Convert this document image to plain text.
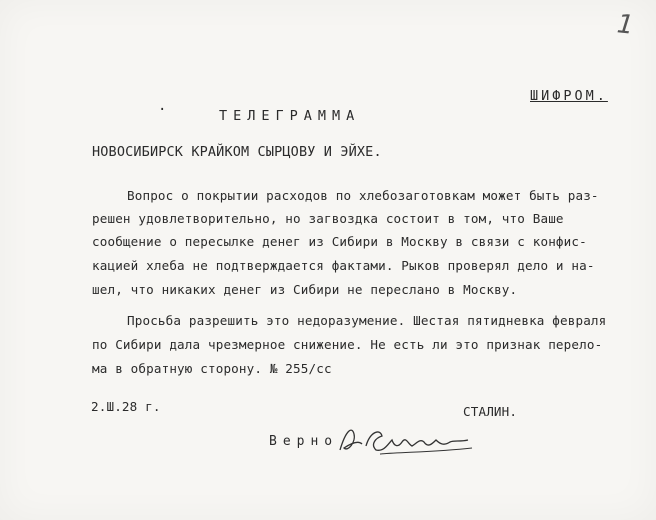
1
ШИФРОМ.
·	ТЕЛЕГРАММА
НОВОСИБИРСК КРАЙКОМ СЫРЦОВУ И ЭЙХЕ.
Вопрос о покрытии расходов по хлебозаготовкам может быть раз-
решен удовлетворительно, но загвоздка состоит в том, что Ваше
сообщение о пересылке денег из Сибири в Москву в связи с конфис-
кацией хлеба не подтверждается фактами. Рыков проверял дело и на-
шел, что никаких денег из Сибири не переслано в Москву.
Просьба разрешить это недоразумение. Шестая пятидневка февраля
по Сибири дала чрезмерное снижение. Не есть ли это признак перело-
ма в обратную сторону. № 255/сс
2.Ш.28 г.	СТАЛИН.
Верно
